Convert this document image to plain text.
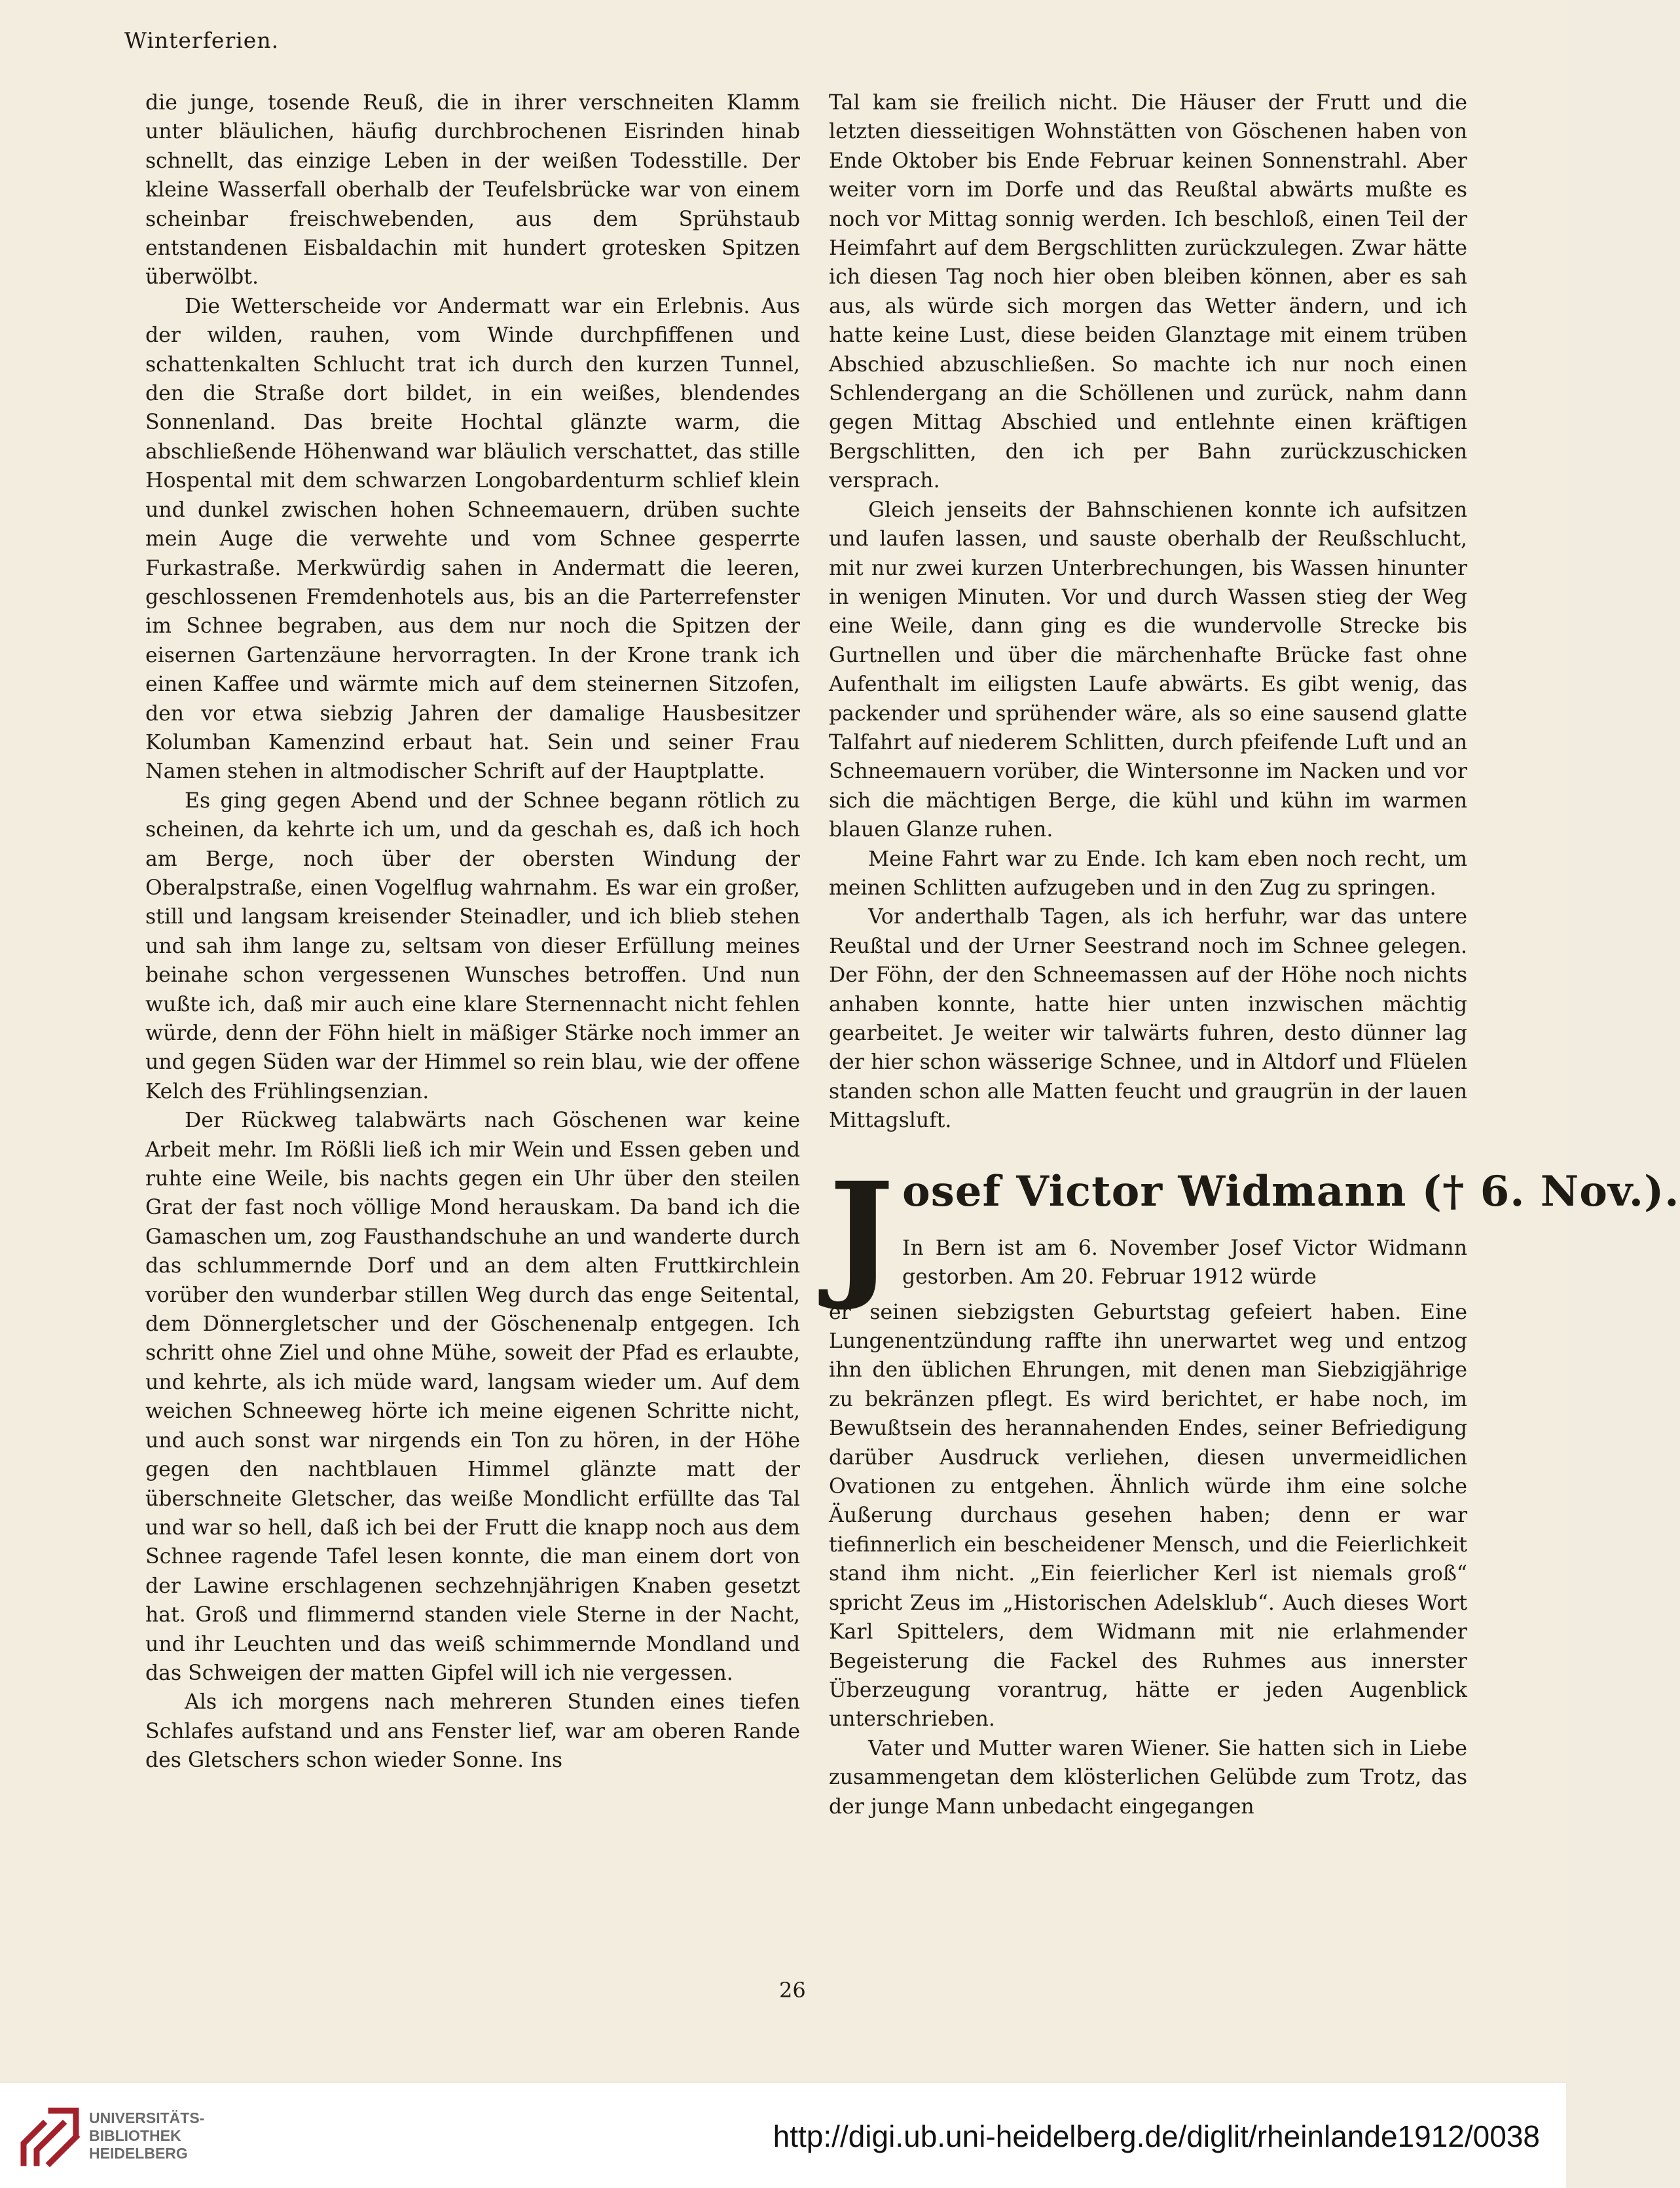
Winterferien.

die junge, tosende Reuß, die in ihrer verschneiten Klamm unter bläulichen, häufig durchbrochenen Eisrinden hinab schnellt, das einzige Leben in der weißen Todesstille. Der kleine Wasserfall oberhalb der Teufelsbrücke war von einem scheinbar freischwebenden, aus dem Sprühstaub entstandenen Eisbaldachin mit hundert grotesken Spitzen überwölbt.

Die Wetterscheide vor Andermatt war ein Erlebnis. Aus der wilden, rauhen, vom Winde durchpfiffenen und schattenkalten Schlucht trat ich durch den kurzen Tunnel, den die Straße dort bildet, in ein weißes, blendendes Sonnenland. Das breite Hochtal glänzte warm, die abschließende Höhenwand war bläulich verschattet, das stille Hospental mit dem schwarzen Longobardenturm schlief klein und dunkel zwischen hohen Schneemauern, drüben suchte mein Auge die verwehte und vom Schnee gesperrte Furkastraße. Merkwürdig sahen in Andermatt die leeren, geschlossenen Fremdenhotels aus, bis an die Parterrefenster im Schnee begraben, aus dem nur noch die Spitzen der eisernen Gartenzäune hervorragten. In der Krone trank ich einen Kaffee und wärmte mich auf dem steinernen Sitzofen, den vor etwa siebzig Jahren der damalige Hausbesitzer Kolumban Kamenzind erbaut hat. Sein und seiner Frau Namen stehen in altmodischer Schrift auf der Hauptplatte.

Es ging gegen Abend und der Schnee begann rötlich zu scheinen, da kehrte ich um, und da geschah es, daß ich hoch am Berge, noch über der obersten Windung der Oberalpstraße, einen Vogelflug wahrnahm. Es war ein großer, still und langsam kreisender Steinadler, und ich blieb stehen und sah ihm lange zu, seltsam von dieser Erfüllung meines beinahe schon vergessenen Wunsches betroffen. Und nun wußte ich, daß mir auch eine klare Sternennacht nicht fehlen würde, denn der Föhn hielt in mäßiger Stärke noch immer an und gegen Süden war der Himmel so rein blau, wie der offene Kelch des Frühlingsenzian.

Der Rückweg talabwärts nach Göschenen war keine Arbeit mehr. Im Rößli ließ ich mir Wein und Essen geben und ruhte eine Weile, bis nachts gegen ein Uhr über den steilen Grat der fast noch völlige Mond herauskam. Da band ich die Gamaschen um, zog Fausthandschuhe an und wanderte durch das schlummernde Dorf und an dem alten Fruttkirchlein vorüber den wunderbar stillen Weg durch das enge Seitental, dem Dönnergletscher und der Göschenenalp entgegen. Ich schritt ohne Ziel und ohne Mühe, soweit der Pfad es erlaubte, und kehrte, als ich müde ward, langsam wieder um. Auf dem weichen Schneeweg hörte ich meine eigenen Schritte nicht, und auch sonst war nirgends ein Ton zu hören, in der Höhe gegen den nachtblauen Himmel glänzte matt der überschneite Gletscher, das weiße Mondlicht erfüllte das Tal und war so hell, daß ich bei der Frutt die knapp noch aus dem Schnee ragende Tafel lesen konnte, die man einem dort von der Lawine erschlagenen sechzehnjährigen Knaben gesetzt hat. Groß und flimmernd standen viele Sterne in der Nacht, und ihr Leuchten und das weiß schimmernde Mondland und das Schweigen der matten Gipfel will ich nie vergessen.

Als ich morgens nach mehreren Stunden eines tiefen Schlafes aufstand und ans Fenster lief, war am oberen Rande des Gletschers schon wieder Sonne. Ins

Tal kam sie freilich nicht. Die Häuser der Frutt und die letzten diesseitigen Wohnstätten von Göschenen haben von Ende Oktober bis Ende Februar keinen Sonnenstrahl. Aber weiter vorn im Dorfe und das Reußtal abwärts mußte es noch vor Mittag sonnig werden. Ich beschloß, einen Teil der Heimfahrt auf dem Bergschlitten zurückzulegen. Zwar hätte ich diesen Tag noch hier oben bleiben können, aber es sah aus, als würde sich morgen das Wetter ändern, und ich hatte keine Lust, diese beiden Glanztage mit einem trüben Abschied abzuschließen. So machte ich nur noch einen Schlendergang an die Schöllenen und zurück, nahm dann gegen Mittag Abschied und entlehnte einen kräftigen Bergschlitten, den ich per Bahn zurückzuschicken versprach.

Gleich jenseits der Bahnschienen konnte ich aufsitzen und laufen lassen, und sauste oberhalb der Reußschlucht, mit nur zwei kurzen Unterbrechungen, bis Wassen hinunter in wenigen Minuten. Vor und durch Wassen stieg der Weg eine Weile, dann ging es die wundervolle Strecke bis Gurtnellen und über die märchenhafte Brücke fast ohne Aufenthalt im eiligsten Laufe abwärts. Es gibt wenig, das packender und sprühender wäre, als so eine sausend glatte Talfahrt auf niederem Schlitten, durch pfeifende Luft und an Schneemauern vorüber, die Wintersonne im Nacken und vor sich die mächtigen Berge, die kühl und kühn im warmen blauen Glanze ruhen.

Meine Fahrt war zu Ende. Ich kam eben noch recht, um meinen Schlitten aufzugeben und in den Zug zu springen.

Vor anderthalb Tagen, als ich herfuhr, war das untere Reußtal und der Urner Seestrand noch im Schnee gelegen. Der Föhn, der den Schneemassen auf der Höhe noch nichts anhaben konnte, hatte hier unten inzwischen mächtig gearbeitet. Je weiter wir talwärts fuhren, desto dünner lag der hier schon wässerige Schnee, und in Altdorf und Flüelen standen schon alle Matten feucht und graugrün in der lauen Mittagsluft.

J osef Victor Widmann († 6. Nov.).
In Bern ist am 6. November Josef Victor Widmann gestorben. Am 20. Februar 1912 würde

er seinen siebzigsten Geburtstag gefeiert haben. Eine Lungenentzündung raffte ihn unerwartet weg und entzog ihn den üblichen Ehrungen, mit denen man Siebzigjährige zu bekränzen pflegt. Es wird berichtet, er habe noch, im Bewußtsein des herannahenden Endes, seiner Befriedigung darüber Ausdruck verliehen, diesen unvermeidlichen Ovationen zu entgehen. Ähnlich würde ihm eine solche Äußerung durchaus gesehen haben; denn er war tiefinnerlich ein bescheidener Mensch, und die Feierlichkeit stand ihm nicht. „Ein feierlicher Kerl ist niemals groß“ spricht Zeus im „Historischen Adelsklub“. Auch dieses Wort Karl Spittelers, dem Widmann mit nie erlahmender Begeisterung die Fackel des Ruhmes aus innerster Überzeugung vorantrug, hätte er jeden Augenblick unterschrieben.

Vater und Mutter waren Wiener. Sie hatten sich in Liebe zusammengetan dem klösterlichen Gelübde zum Trotz, das der junge Mann unbedacht eingegangen

26
UNIVERSITÄTS-
BIBLIOTHEK
HEIDELBERG	http://digi.ub.uni-heidelberg.de/diglit/rheinlande1912/0038
